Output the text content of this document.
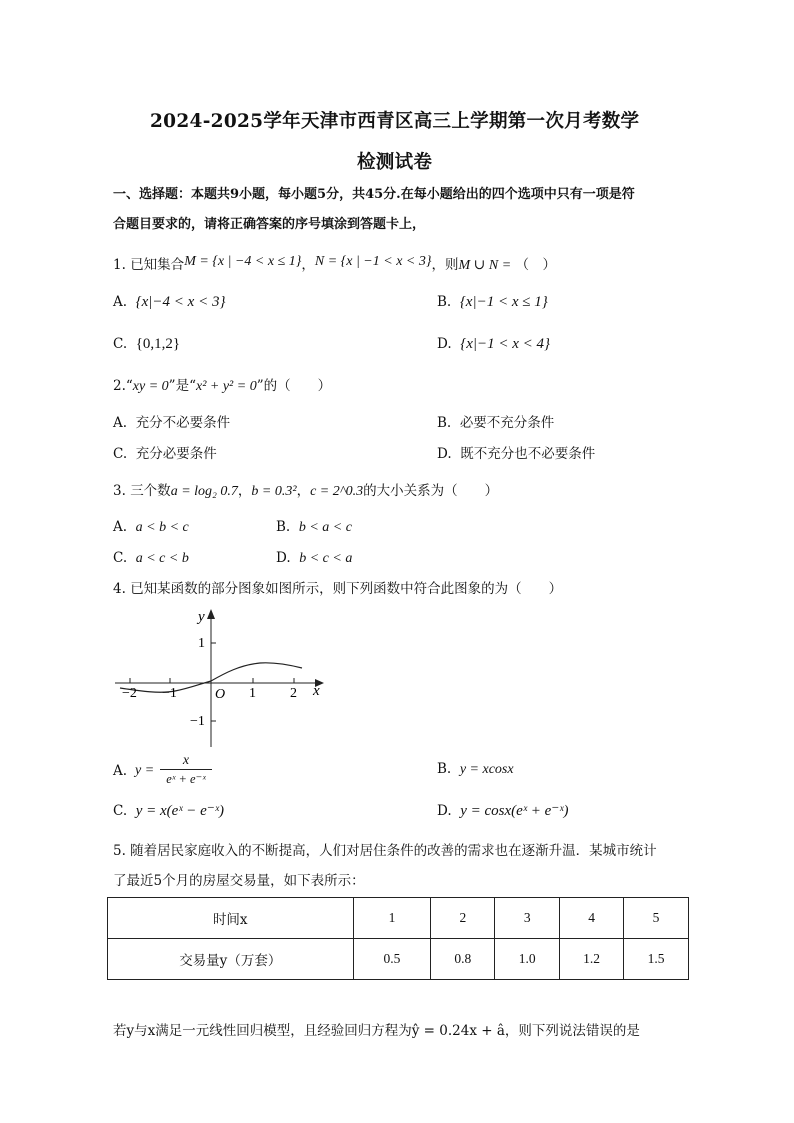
2024-2025学年天津市西青区高三上学期第一次月考数学
检测试卷
一、选择题：本题共9小题，每小题5分，共45分.在每小题给出的四个选项中只有一项是符
合题目要求的，请将正确答案的序号填涂到答题卡上，
1. 已知集合M = {x | −4 < x ≤ 1}，N = {x | −1 < x < 3}，则M ∪ N = （　）
A. {x|−4 < x < 3}	B. {x|−1 < x ≤ 1}
C. {0,1,2}	D. {x|−1 < x < 4}
2.“xy = 0”是“x² + y² = 0”的（　　）
A. 充分不必要条件	B. 必要不充分条件
C. 充分必要条件	D. 既不充分也不必要条件
3. 三个数a = log₂ 0.7，b = 0.3²，c = 2^0.3的大小关系为（　　）
A. a < b < c	B. b < a < c
C. a < c < b	D. b < c < a
4. 已知某函数的部分图象如图所示，则下列函数中符合此图象的为（　　）
y
x
O
−2 −1	1 2
1
−1
A. $y = \frac{x}{\text{eˣ + e⁻ˣ}}$	B. y = xcosx
C. y = x(eˣ − e⁻ˣ)	D. y = cosx(eˣ + e⁻ˣ)
5. 随着居民家庭收入的不断提高，人们对居住条件的改善的需求也在逐渐升温．某城市统计
了最近5个月的房屋交易量，如下表所示：
时间x	1	2	3	4	5
交易量y（万套）	0.5	0.8	1.0	1.2	1.5
若y与x满足一元线性回归模型，且经验回归方程为ŷ = 0.24x + â，则下列说法错误的是
